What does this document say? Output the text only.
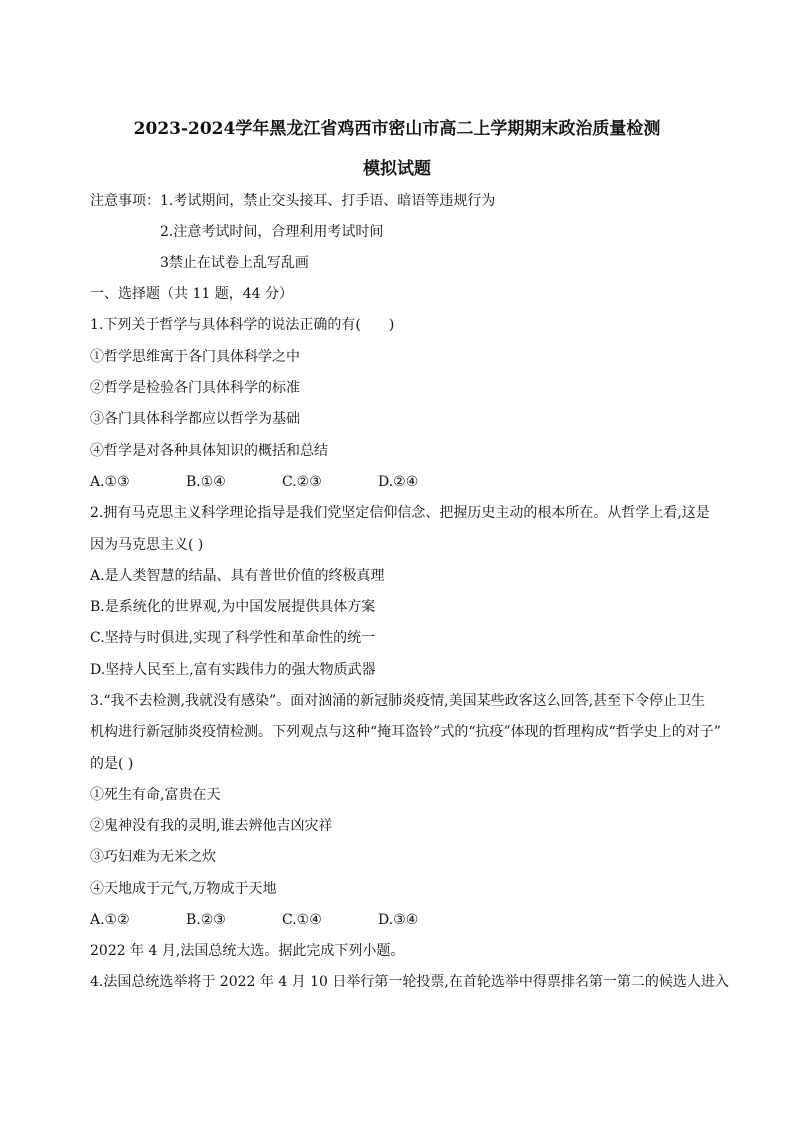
2023-2024学年黑龙江省鸡西市密山市高二上学期期末政治质量检测
模拟试题

注意事项：1.考试期间，禁止交头接耳、打手语、暗语等违规行为

2.注意考试时间，合理利用考试时间

3禁止在试卷上乱写乱画

一、选择题（共 11 题，44 分）

1.下列关于哲学与具体科学的说法正确的有(　　)

①哲学思维寓于各门具体科学之中

②哲学是检验各门具体科学的标准

③各门具体科学都应以哲学为基础

④哲学是对各种具体知识的概括和总结

A.①③	B.①④	C.②③	D.②④

2.拥有马克思主义科学理论指导是我们党坚定信仰信念、把握历史主动的根本所在。从哲学上看,这是

因为马克思主义( )

A.是人类智慧的结晶、具有普世价值的终极真理

B.是系统化的世界观,为中国发展提供具体方案

C.坚持与时俱进,实现了科学性和革命性的统一

D.坚持人民至上,富有实践伟力的强大物质武器

3.“我不去检测,我就没有感染”。面对汹涌的新冠肺炎疫情,美国某些政客这么回答,甚至下令停止卫生

机构进行新冠肺炎疫情检测。下列观点与这种“掩耳盗铃”式的“抗疫”体现的哲理构成“哲学史上的对子”

的是( )

①死生有命,富贵在天

②鬼神没有我的灵明,谁去辨他吉凶灾祥

③巧妇难为无米之炊

④天地成于元气,万物成于天地

A.①②	B.②③	C.①④	D.③④

2022 年 4 月,法国总统大选。据此完成下列小题。

4.法国总统选举将于 2022 年 4 月 10 日举行第一轮投票,在首轮选举中得票排名第一第二的候选人进入
